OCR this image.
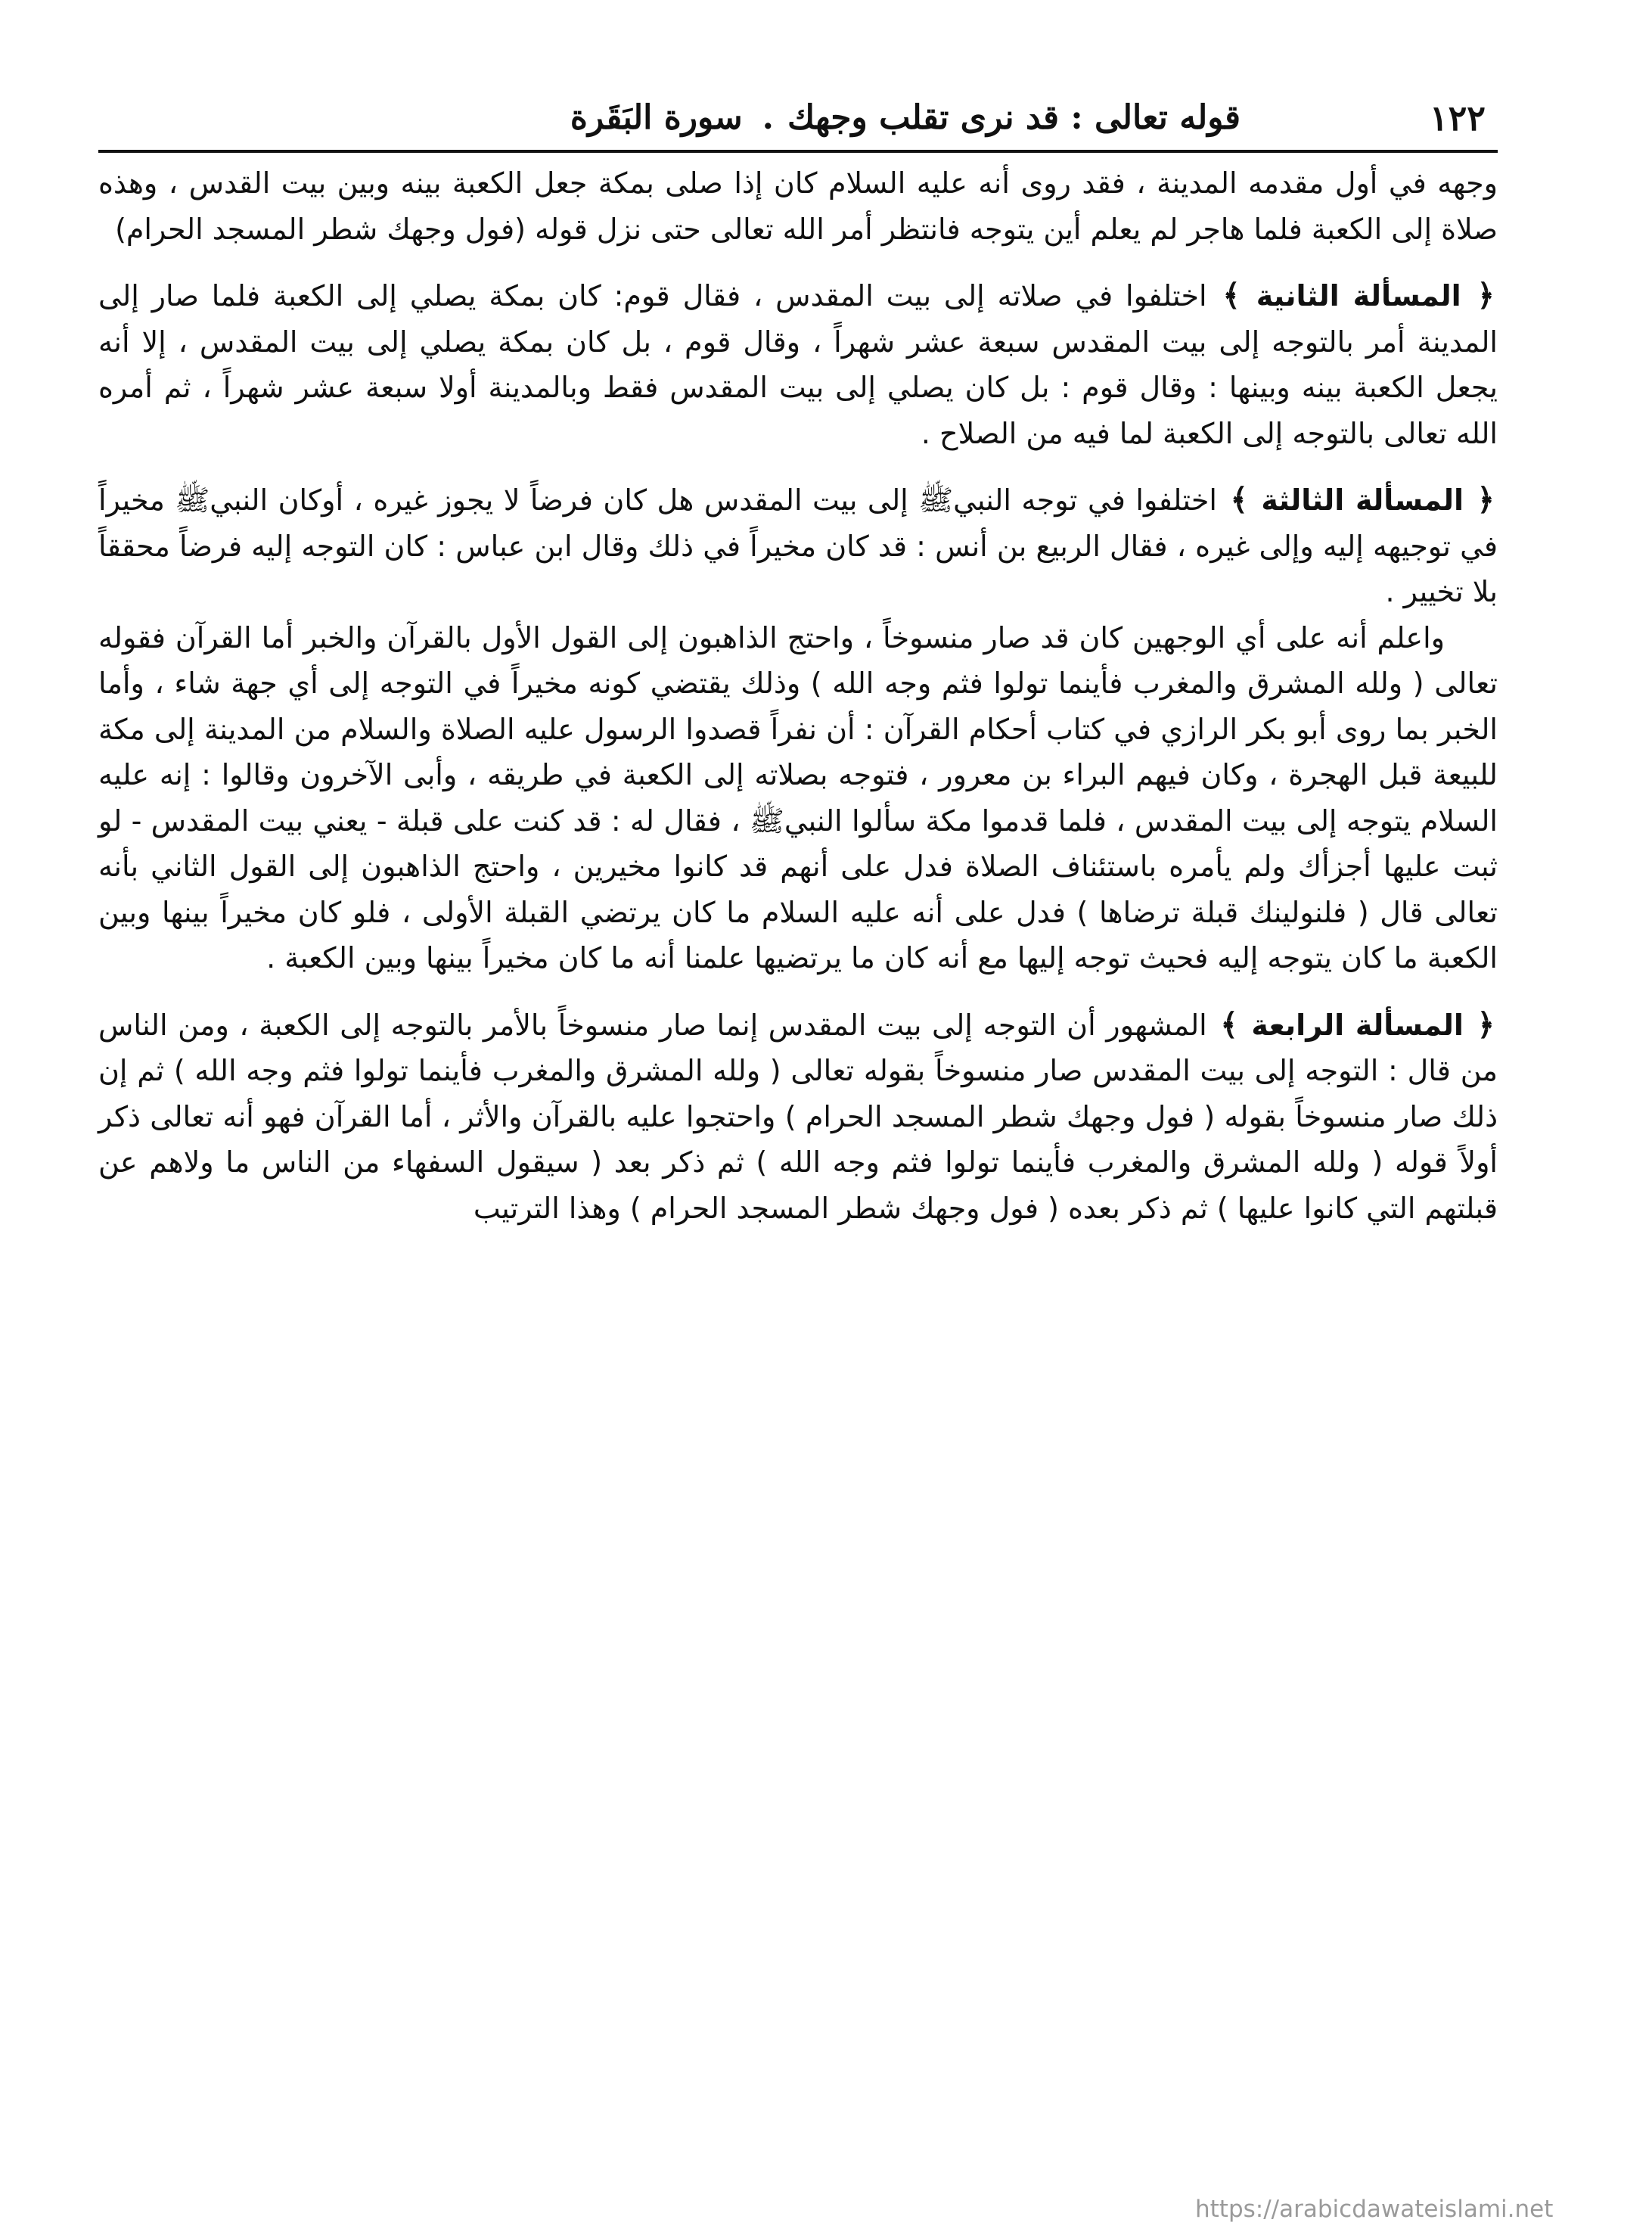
١٢٢
قوله تعالى : قد نرى تقلب وجهك.سورة البَقَرة

وجهه في أول مقدمه المدينة ، فقد روى أنه عليه السلام كان إذا صلى بمكة جعل الكعبة بينه وبين بيت القدس ، وهذه صلاة إلى الكعبة فلما هاجر لم يعلم أين يتوجه فانتظر أمر الله تعالى حتى نزل قوله (فول وجهك شطر المسجد الحرام)

﴿ المسألة الثانية ﴾ اختلفوا في صلاته إلى بيت المقدس ، فقال قوم: كان بمكة يصلي إلى الكعبة فلما صار إلى المدينة أمر بالتوجه إلى بيت المقدس سبعة عشر شهراً ، وقال قوم ، بل كان بمكة يصلي إلى بيت المقدس ، إلا أنه يجعل الكعبة بينه وبينها : وقال قوم : بل كان يصلي إلى بيت المقدس فقط وبالمدينة أولا سبعة عشر شهراً ، ثم أمره الله تعالى بالتوجه إلى الكعبة لما فيه من الصلاح .

﴿ المسألة الثالثة ﴾ اختلفوا في توجه النبيﷺ إلى بيت المقدس هل كان فرضاً لا يجوز غيره ، أوكان النبيﷺ مخيراً في توجيهه إليه وإلى غيره ، فقال الربيع بن أنس : قد كان مخيراً في ذلك وقال ابن عباس : كان التوجه إليه فرضاً محققاً بلا تخيير .

واعلم أنه على أي الوجهين كان قد صار منسوخاً ، واحتج الذاهبون إلى القول الأول بالقرآن والخبر أما القرآن فقوله تعالى ( ولله المشرق والمغرب فأينما تولوا فثم وجه الله ) وذلك يقتضي كونه مخيراً في التوجه إلى أي جهة شاء ، وأما الخبر بما روى أبو بكر الرازي في كتاب أحكام القرآن : أن نفراً قصدوا الرسول عليه الصلاة والسلام من المدينة إلى مكة للبيعة قبل الهجرة ، وكان فيهم البراء بن معرور ، فتوجه بصلاته إلى الكعبة في طريقه ، وأبى الآخرون وقالوا : إنه عليه السلام يتوجه إلى بيت المقدس ، فلما قدموا مكة سألوا النبيﷺ ، فقال له : قد كنت على قبلة - يعني بيت المقدس - لو ثبت عليها أجزأك ولم يأمره باستئناف الصلاة فدل على أنهم قد كانوا مخيرين ، واحتج الذاهبون إلى القول الثاني بأنه تعالى قال ( فلنولينك قبلة ترضاها ) فدل على أنه عليه السلام ما كان يرتضي القبلة الأولى ، فلو كان مخيراً بينها وبين الكعبة ما كان يتوجه إليه فحيث توجه إليها مع أنه كان ما يرتضيها علمنا أنه ما كان مخيراً بينها وبين الكعبة .

﴿ المسألة الرابعة ﴾ المشهور أن التوجه إلى بيت المقدس إنما صار منسوخاً بالأمر بالتوجه إلى الكعبة ، ومن الناس من قال : التوجه إلى بيت المقدس صار منسوخاً بقوله تعالى ( ولله المشرق والمغرب فأينما تولوا فثم وجه الله ) ثم إن ذلك صار منسوخاً بقوله ( فول وجهك شطر المسجد الحرام ) واحتجوا عليه بالقرآن والأثر ، أما القرآن فهو أنه تعالى ذكر أولاً قوله ( ولله المشرق والمغرب فأينما تولوا فثم وجه الله ) ثم ذكر بعد ( سيقول السفهاء من الناس ما ولاهم عن قبلتهم التي كانوا عليها ) ثم ذكر بعده ( فول وجهك شطر المسجد الحرام ) وهذا الترتيب

https://arabicdawateislami.net
